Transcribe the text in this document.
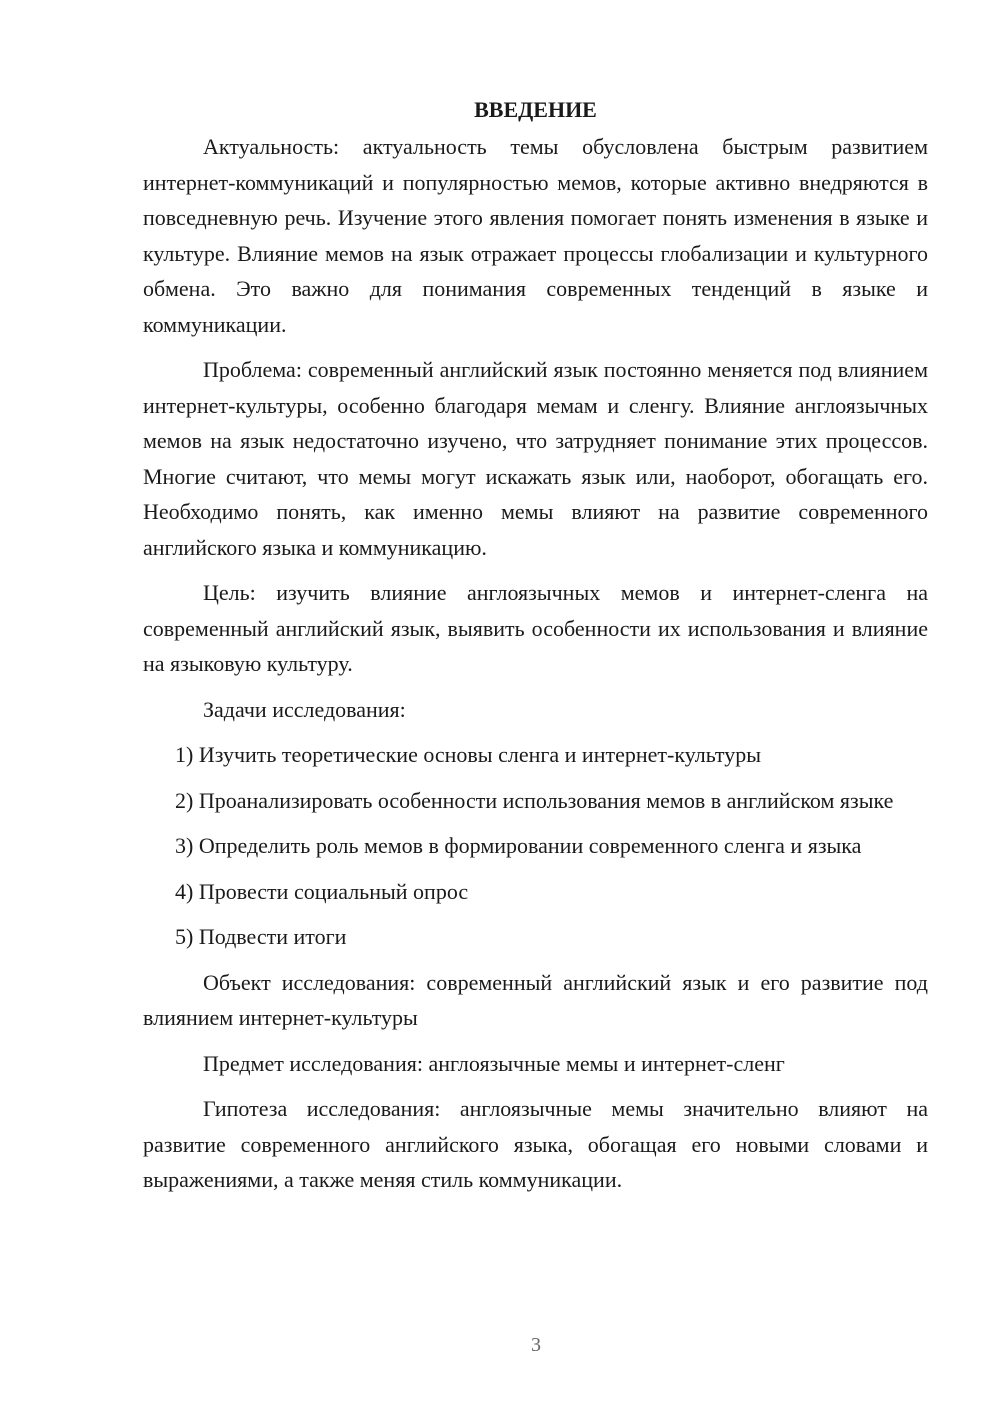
ВВЕДЕНИЕ

Актуальность: актуальность темы обусловлена быстрым развитием интернет-коммуникаций и популярностью мемов, которые активно внедряются в повседневную речь. Изучение этого явления помогает понять изменения в языке и культуре. Влияние мемов на язык отражает процессы глобализации и культурного обмена. Это важно для понимания современных тенденций в языке и коммуникации.

Проблема: современный английский язык постоянно меняется под влиянием интернет-культуры, особенно благодаря мемам и сленгу. Влияние англоязычных мемов на язык недостаточно изучено, что затрудняет понимание этих процессов. Многие считают, что мемы могут искажать язык или, наоборот, обогащать его. Необходимо понять, как именно мемы влияют на развитие современного английского языка и коммуникацию.

Цель: изучить влияние англоязычных мемов и интернет-сленга на современный английский язык, выявить особенности их использования и влияние на языковую культуру.

Задачи исследования:

1) Изучить теоретические основы сленга и интернет-культуры

2) Проанализировать особенности использования мемов в английском языке

3) Определить роль мемов в формировании современного сленга и языка

4) Провести социальный опрос

5) Подвести итоги

Объект исследования: современный английский язык и его развитие под влиянием интернет-культуры

Предмет исследования: англоязычные мемы и интернет-сленг

Гипотеза исследования: англоязычные мемы значительно влияют на развитие современного английского языка, обогащая его новыми словами и выражениями, а также меняя стиль коммуникации.

3
